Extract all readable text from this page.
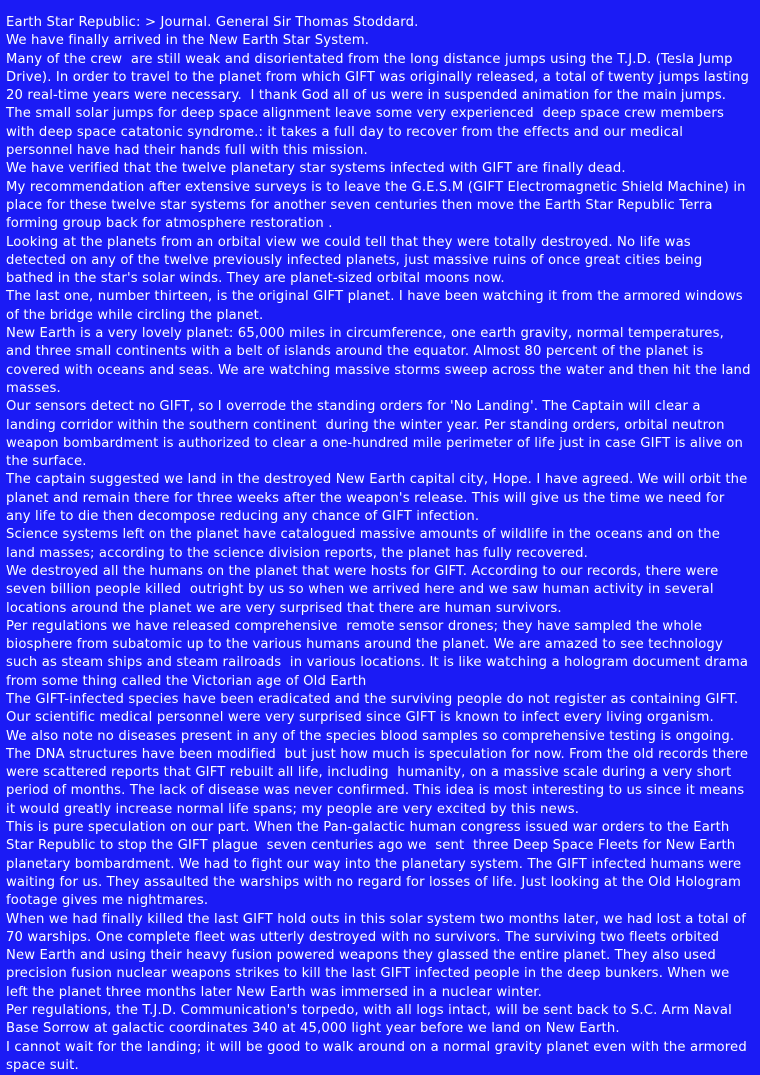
Earth Star Republic: > Journal. General Sir Thomas Stoddard.

We have finally arrived in the New Earth Star System.

Many of the crew  are still weak and disorientated from the long distance jumps using the T.J.D. (Tesla Jump Drive). In order to travel to the planet from which GIFT was originally released, a total of twenty jumps lasting 20 real-time years were necessary.  I thank God all of us were in suspended animation for the main jumps. The small solar jumps for deep space alignment leave some very experienced  deep space crew members  with deep space catatonic syndrome.: it takes a full day to recover from the effects and our medical personnel have had their hands full with this mission.

We have verified that the twelve planetary star systems infected with GIFT are finally dead.

My recommendation after extensive surveys is to leave the G.E.S.M (GIFT Electromagnetic Shield Machine) in place for these twelve star systems for another seven centuries then move the Earth Star Republic Terra forming group back for atmosphere restoration .

Looking at the planets from an orbital view we could tell that they were totally destroyed. No life was detected on any of the twelve previously infected planets, just massive ruins of once great cities being bathed in the star's solar winds. They are planet-sized orbital moons now.

The last one, number thirteen, is the original GIFT planet. I have been watching it from the armored windows of the bridge while circling the planet.

New Earth is a very lovely planet: 65,000 miles in circumference, one earth gravity, normal temperatures, and three small continents with a belt of islands around the equator. Almost 80 percent of the planet is covered with oceans and seas. We are watching massive storms sweep across the water and then hit the land masses.

Our sensors detect no GIFT, so I overrode the standing orders for 'No Landing'. The Captain will clear a landing corridor within the southern continent  during the winter year. Per standing orders, orbital neutron weapon bombardment is authorized to clear a one-hundred mile perimeter of life just in case GIFT is alive on the surface.

The captain suggested we land in the destroyed New Earth capital city, Hope. I have agreed. We will orbit the planet and remain there for three weeks after the weapon's release. This will give us the time we need for any life to die then decompose reducing any chance of GIFT infection.

Science systems left on the planet have catalogued massive amounts of wildlife in the oceans and on the land masses; according to the science division reports, the planet has fully recovered.

We destroyed all the humans on the planet that were hosts for GIFT. According to our records, there were seven billion people killed  outright by us so when we arrived here and we saw human activity in several locations around the planet we are very surprised that there are human survivors.

Per regulations we have released comprehensive  remote sensor drones; they have sampled the whole biosphere from subatomic up to the various humans around the planet. We are amazed to see technology such as steam ships and steam railroads  in various locations. It is like watching a hologram document drama from some thing called the Victorian age of Old Earth

The GIFT-infected species have been eradicated and the surviving people do not register as containing GIFT. Our scientific medical personnel were very surprised since GIFT is known to infect every living organism.

We also note no diseases present in any of the species blood samples so comprehensive testing is ongoing. The DNA structures have been modified  but just how much is speculation for now. From the old records there were scattered reports that GIFT rebuilt all life, including  humanity, on a massive scale during a very short period of months. The lack of disease was never confirmed. This idea is most interesting to us since it means it would greatly increase normal life spans; my people are very excited by this news.

This is pure speculation on our part. When the Pan-galactic human congress issued war orders to the Earth Star Republic to stop the GIFT plague  seven centuries ago we  sent  three Deep Space Fleets for New Earth planetary bombardment. We had to fight our way into the planetary system. The GIFT infected humans were waiting for us. They assaulted the warships with no regard for losses of life. Just looking at the Old Hologram footage gives me nightmares.

When we had finally killed the last GIFT hold outs in this solar system two months later, we had lost a total of 70 warships. One complete fleet was utterly destroyed with no survivors. The surviving two fleets orbited New Earth and using their heavy fusion powered weapons they glassed the entire planet. They also used precision fusion nuclear weapons strikes to kill the last GIFT infected people in the deep bunkers. When we left the planet three months later New Earth was immersed in a nuclear winter.

Per regulations, the T.J.D. Communication's torpedo, with all logs intact, will be sent back to S.C. Arm Naval Base Sorrow at galactic coordinates 340 at 45,000 light year before we land on New Earth.

I cannot wait for the landing; it will be good to walk around on a normal gravity planet even with the armored space suit.
